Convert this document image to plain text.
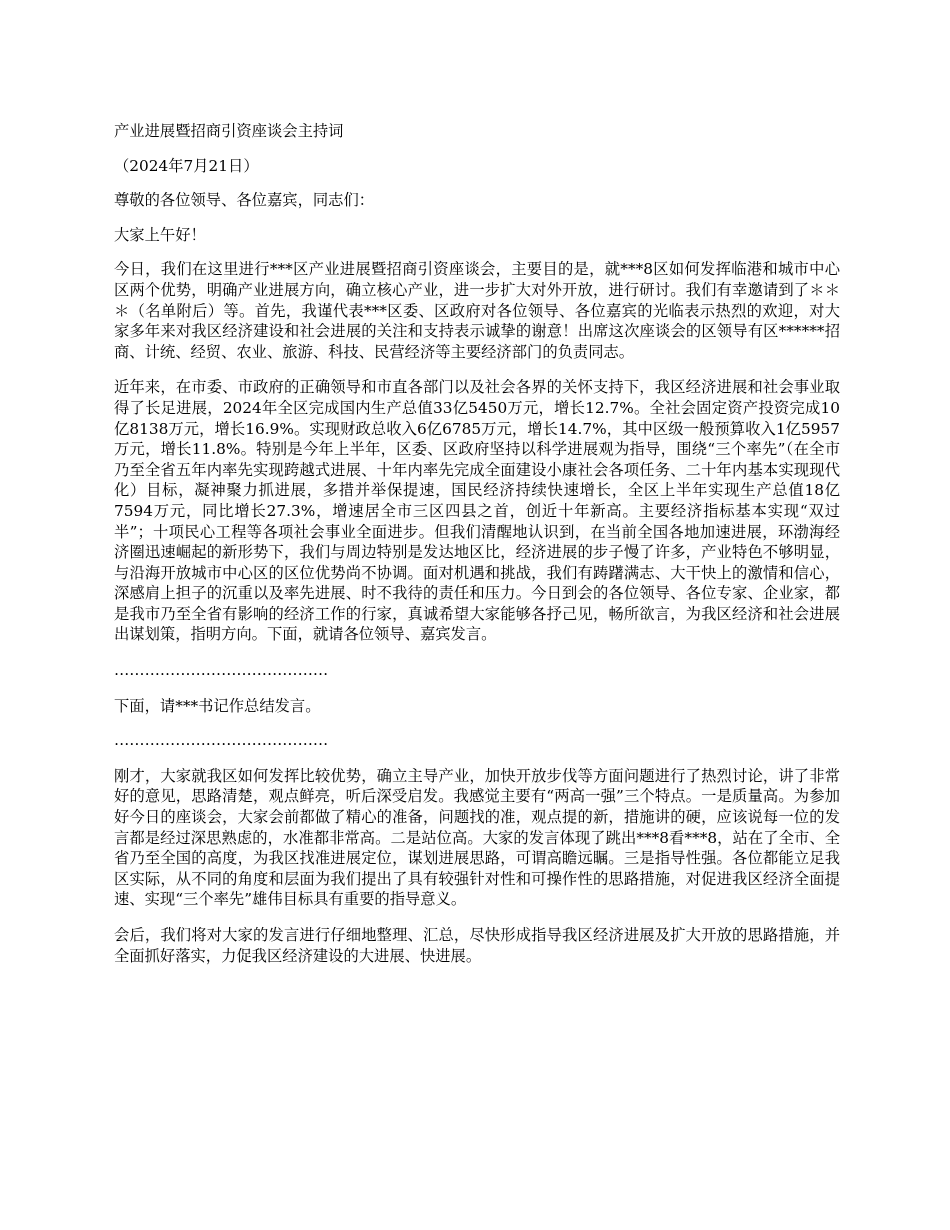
产业进展暨招商引资座谈会主持词

（2024年7月21日）

尊敬的各位领导、各位嘉宾，同志们：

大家上午好！

今日，我们在这里进行***区产业进展暨招商引资座谈会，主要目的是，就***8区如何发挥临港和城市中心区两个优势，明确产业进展方向，确立核心产业，进一步扩大对外开放，进行研讨。我们有幸邀请到了＊＊＊（名单附后）等。首先，我谨代表***区委、区政府对各位领导、各位嘉宾的光临表示热烈的欢迎，对大家多年来对我区经济建设和社会进展的关注和支持表示诚挚的谢意！出席这次座谈会的区领导有区******招商、计统、经贸、农业、旅游、科技、民营经济等主要经济部门的负责同志。

近年来，在市委、市政府的正确领导和市直各部门以及社会各界的关怀支持下，我区经济进展和社会事业取得了长足进展，2024年全区完成国内生产总值33亿5450万元，增长12.7%。全社会固定资产投资完成10亿8138万元，增长16.9%。实现财政总收入6亿6785万元，增长14.7%，其中区级一般预算收入1亿5957万元，增长11.8%。特别是今年上半年，区委、区政府坚持以科学进展观为指导，围绕“三个率先”（在全市乃至全省五年内率先实现跨越式进展、十年内率先完成全面建设小康社会各项任务、二十年内基本实现现代化）目标，凝神聚力抓进展，多措并举保提速，国民经济持续快速增长，全区上半年实现生产总值18亿7594万元，同比增长27.3%，增速居全市三区四县之首，创近十年新高。主要经济指标基本实现“双过半”；十项民心工程等各项社会事业全面进步。但我们清醒地认识到，在当前全国各地加速进展，环渤海经济圈迅速崛起的新形势下，我们与周边特别是发达地区比，经济进展的步子慢了许多，产业特色不够明显，与沿海开放城市中心区的区位优势尚不协调。面对机遇和挑战，我们有踌躇满志、大干快上的激情和信心，深感肩上担子的沉重以及率先进展、时不我待的责任和压力。今日到会的各位领导、各位专家、企业家，都是我市乃至全省有影响的经济工作的行家，真诚希望大家能够各抒己见，畅所欲言，为我区经济和社会进展出谋划策，指明方向。下面，就请各位领导、嘉宾发言。

……………………………………

下面，请***书记作总结发言。

……………………………………

刚才，大家就我区如何发挥比较优势，确立主导产业，加快开放步伐等方面问题进行了热烈讨论，讲了非常好的意见，思路清楚，观点鲜亮，听后深受启发。我感觉主要有“两高一强”三个特点。一是质量高。为参加好今日的座谈会，大家会前都做了精心的准备，问题找的准，观点提的新，措施讲的硬，应该说每一位的发言都是经过深思熟虑的，水准都非常高。二是站位高。大家的发言体现了跳出***8看***8，站在了全市、全省乃至全国的高度，为我区找准进展定位，谋划进展思路，可谓高瞻远瞩。三是指导性强。各位都能立足我区实际，从不同的角度和层面为我们提出了具有较强针对性和可操作性的思路措施，对促进我区经济全面提速、实现“三个率先”雄伟目标具有重要的指导意义。

会后，我们将对大家的发言进行仔细地整理、汇总，尽快形成指导我区经济进展及扩大开放的思路措施，并全面抓好落实，力促我区经济建设的大进展、快进展。
